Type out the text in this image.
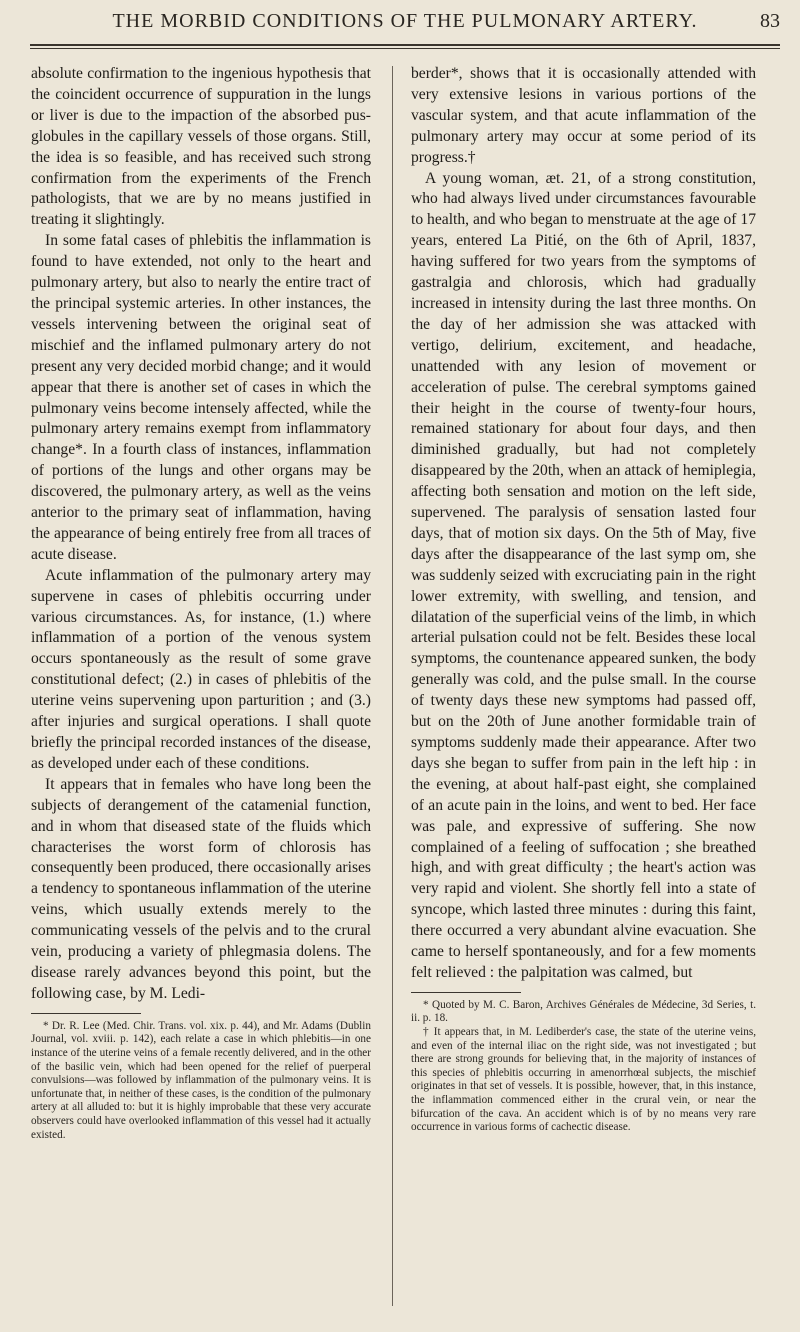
THE MORBID CONDITIONS OF THE PULMONARY ARTERY.	83

absolute confirmation to the ingenious hypothesis that the coincident occurrence of suppuration in the lungs or liver is due to the impaction of the absorbed pus-globules in the capillary vessels of those organs. Still, the idea is so feasible, and has received such strong confirmation from the experiments of the French pathologists, that we are by no means justified in treating it slightingly.

In some fatal cases of phlebitis the inflammation is found to have extended, not only to the heart and pulmonary artery, but also to nearly the entire tract of the principal systemic arteries. In other instances, the vessels intervening between the original seat of mischief and the inflamed pulmonary artery do not present any very decided morbid change; and it would appear that there is another set of cases in which the pulmonary veins become intensely affected, while the pulmonary artery remains exempt from inflammatory change*. In a fourth class of instances, inflammation of portions of the lungs and other organs may be discovered, the pulmonary artery, as well as the veins anterior to the primary seat of inflammation, having the appearance of being entirely free from all traces of acute disease.

Acute inflammation of the pulmonary artery may supervene in cases of phlebitis occurring under various circumstances. As, for instance, (1.) where inflammation of a portion of the venous system occurs spontaneously as the result of some grave constitutional defect; (2.) in cases of phlebitis of the uterine veins supervening upon parturition ; and (3.) after injuries and surgical operations. I shall quote briefly the principal recorded instances of the disease, as developed under each of these conditions.

It appears that in females who have long been the subjects of derangement of the catamenial function, and in whom that diseased state of the fluids which characterises the worst form of chlorosis has consequently been produced, there occasionally arises a tendency to spontaneous inflammation of the uterine veins, which usually extends merely to the communicating vessels of the pelvis and to the crural vein, producing a variety of phlegmasia dolens. The disease rarely advances beyond this point, but the following case, by M. Ledi-

* Dr. R. Lee (Med. Chir. Trans. vol. xix. p. 44), and Mr. Adams (Dublin Journal, vol. xviii. p. 142), each relate a case in which phlebitis—in one instance of the uterine veins of a female recently delivered, and in the other of the basilic vein, which had been opened for the relief of puerperal convulsions—was followed by inflammation of the pulmonary veins. It is unfortunate that, in neither of these cases, is the condition of the pulmonary artery at all alluded to: but it is highly improbable that these very accurate observers could have overlooked inflammation of this vessel had it actually existed.

berder*, shows that it is occasionally attended with very extensive lesions in various portions of the vascular system, and that acute inflammation of the pulmonary artery may occur at some period of its progress.†

A young woman, æt. 21, of a strong constitution, who had always lived under circumstances favourable to health, and who began to menstruate at the age of 17 years, entered La Pitié, on the 6th of April, 1837, having suffered for two years from the symptoms of gastralgia and chlorosis, which had gradually increased in intensity during the last three months. On the day of her admission she was attacked with vertigo, delirium, excitement, and headache, unattended with any lesion of movement or acceleration of pulse. The cerebral symptoms gained their height in the course of twenty-four hours, remained stationary for about four days, and then diminished gradually, but had not completely disappeared by the 20th, when an attack of hemiplegia, affecting both sensation and motion on the left side, supervened. The paralysis of sensation lasted four days, that of motion six days. On the 5th of May, five days after the disappearance of the last symp om, she was suddenly seized with excruciating pain in the right lower extremity, with swelling, and tension, and dilatation of the superficial veins of the limb, in which arterial pulsation could not be felt. Besides these local symptoms, the countenance appeared sunken, the body generally was cold, and the pulse small. In the course of twenty days these new symptoms had passed off, but on the 20th of June another formidable train of symptoms suddenly made their appearance. After two days she began to suffer from pain in the left hip : in the evening, at about half-past eight, she complained of an acute pain in the loins, and went to bed. Her face was pale, and expressive of suffering. She now complained of a feeling of suffocation ; she breathed high, and with great difficulty ; the heart's action was very rapid and violent. She shortly fell into a state of syncope, which lasted three minutes : during this faint, there occurred a very abundant alvine evacuation. She came to herself spontaneously, and for a few moments felt relieved : the palpitation was calmed, but

* Quoted by M. C. Baron, Archives Générales de Médecine, 3d Series, t. ii. p. 18.

† It appears that, in M. Lediberder's case, the state of the uterine veins, and even of the internal iliac on the right side, was not investigated ; but there are strong grounds for believing that, in the majority of instances of this species of phlebitis occurring in amenorrhœal subjects, the mischief originates in that set of vessels. It is possible, however, that, in this instance, the inflammation commenced either in the crural vein, or near the bifurcation of the cava. An accident which is of by no means very rare occurrence in various forms of cachectic disease.
